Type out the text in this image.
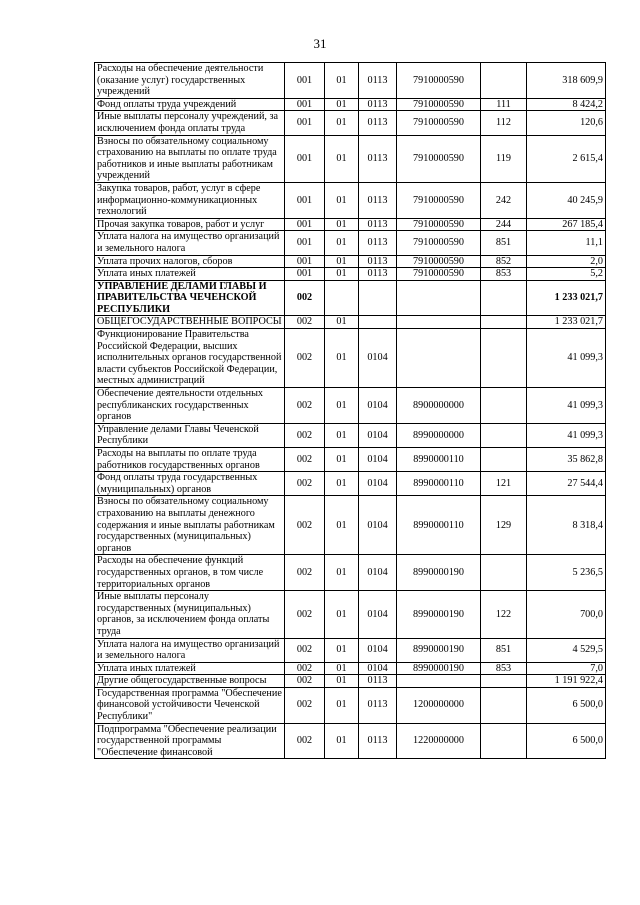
31
Расходы на обеспечение деятельности (оказание услуг) государственных учреждений	001	01	0113	7910000590		318 609,9
Фонд оплаты труда учреждений	001	01	0113	7910000590	111	8 424,2
Иные выплаты персоналу учреждений, за исключением фонда оплаты труда	001	01	0113	7910000590	112	120,6
Взносы по обязательному социальному страхованию на выплаты по оплате труда работников и иные выплаты работникам учреждений	001	01	0113	7910000590	119	2 615,4
Закупка товаров, работ, услуг в сфере информационно-коммуникационных технологий	001	01	0113	7910000590	242	40 245,9
Прочая закупка товаров, работ и услуг	001	01	0113	7910000590	244	267 185,4
Уплата налога на имущество организаций и земельного налога	001	01	0113	7910000590	851	11,1
Уплата прочих налогов, сборов	001	01	0113	7910000590	852	2,0
Уплата иных платежей	001	01	0113	7910000590	853	5,2
УПРАВЛЕНИЕ ДЕЛАМИ ГЛАВЫ И ПРАВИТЕЛЬСТВА ЧЕЧЕНСКОЙ РЕСПУБЛИКИ	002					1 233 021,7
ОБЩЕГОСУДАРСТВЕННЫЕ ВОПРОСЫ	002	01				1 233 021,7
Функционирование Правительства Российской Федерации, высших исполнительных органов государственной власти субъектов Российской Федерации, местных администраций	002	01	0104			41 099,3
Обеспечение деятельности отдельных республиканских государственных органов	002	01	0104	8900000000		41 099,3
Управление делами Главы Чеченской Республики	002	01	0104	8990000000		41 099,3
Расходы на выплаты по оплате труда работников государственных органов	002	01	0104	8990000110		35 862,8
Фонд оплаты труда государственных (муниципальных) органов	002	01	0104	8990000110	121	27 544,4
Взносы по обязательному социальному страхованию на выплаты денежного содержания и иные выплаты работникам государственных (муниципальных) органов	002	01	0104	8990000110	129	8 318,4
Расходы на обеспечение функций государственных органов, в том числе территориальных органов	002	01	0104	8990000190		5 236,5
Иные выплаты персоналу государственных (муниципальных) органов, за исключением фонда оплаты труда	002	01	0104	8990000190	122	700,0
Уплата налога на имущество организаций и земельного налога	002	01	0104	8990000190	851	4 529,5
Уплата иных платежей	002	01	0104	8990000190	853	7,0
Другие общегосударственные вопросы	002	01	0113			1 191 922,4
Государственная программа "Обеспечение финансовой устойчивости Чеченской Республики"	002	01	0113	1200000000		6 500,0
Подпрограмма "Обеспечение реализации государственной программы "Обеспечение финансовой	002	01	0113	1220000000		6 500,0
